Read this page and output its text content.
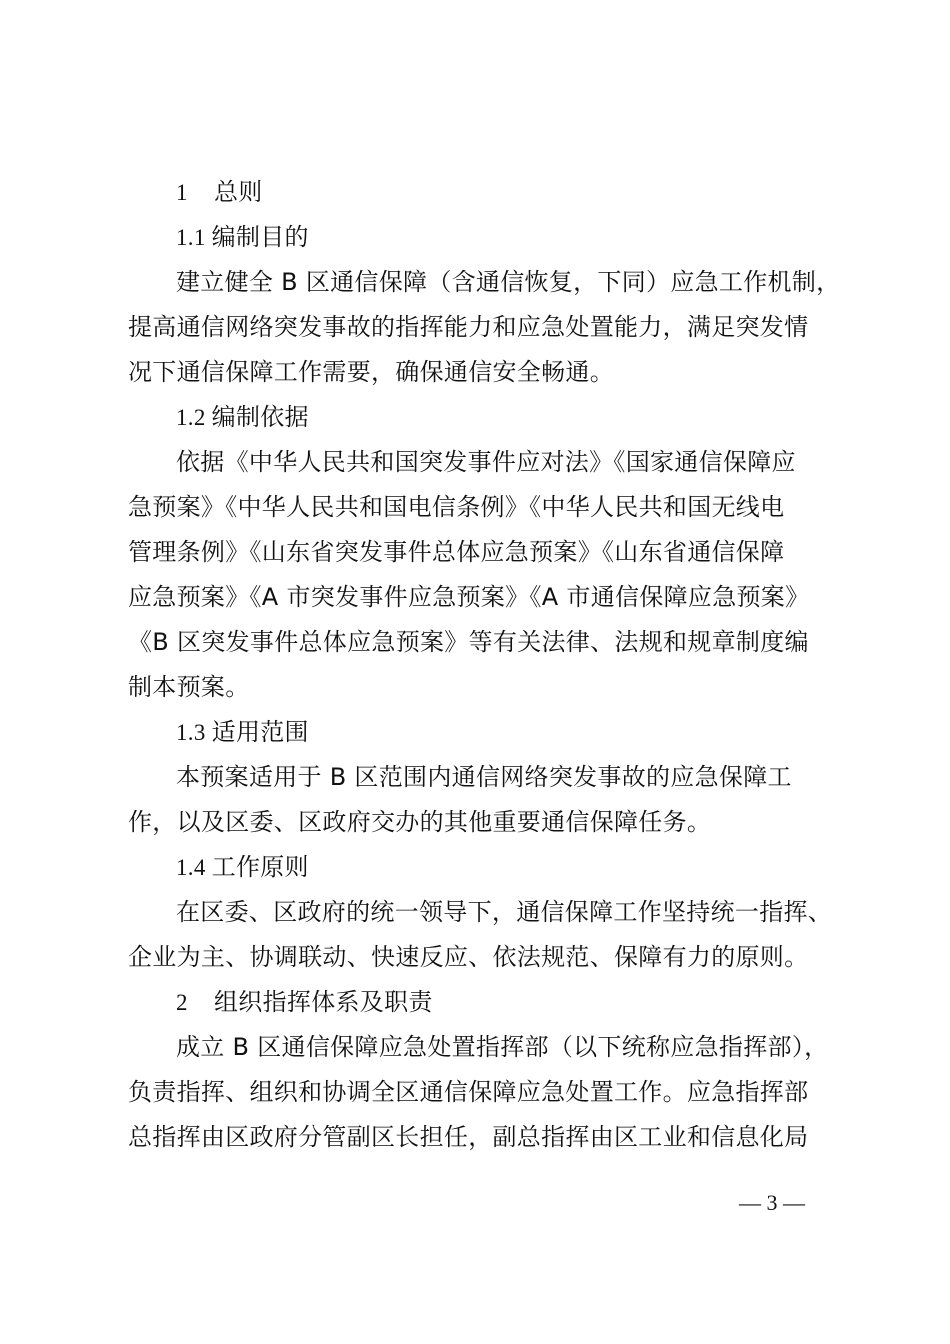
1 总则
1.1 编制目的
建立健全 B 区通信保障（含通信恢复，下同）应急工作机制，
提高通信网络突发事故的指挥能力和应急处置能力，满足突发情
况下通信保障工作需要，确保通信安全畅通。
1.2 编制依据
依据《中华人民共和国突发事件应对法》《国家通信保障应
急预案》《中华人民共和国电信条例》《中华人民共和国无线电
管理条例》《山东省突发事件总体应急预案》《山东省通信保障
应急预案》《A 市突发事件应急预案》《A 市通信保障应急预案》
《B 区突发事件总体应急预案》等有关法律、法规和规章制度编
制本预案。
1.3 适用范围
本预案适用于 B 区范围内通信网络突发事故的应急保障工
作，以及区委、区政府交办的其他重要通信保障任务。
1.4 工作原则
在区委、区政府的统一领导下，通信保障工作坚持统一指挥、
企业为主、协调联动、快速反应、依法规范、保障有力的原则。
2 组织指挥体系及职责
成立 B 区通信保障应急处置指挥部（以下统称应急指挥部），
负责指挥、组织和协调全区通信保障应急处置工作。应急指挥部
总指挥由区政府分管副区长担任，副总指挥由区工业和信息化局
— 3 —
